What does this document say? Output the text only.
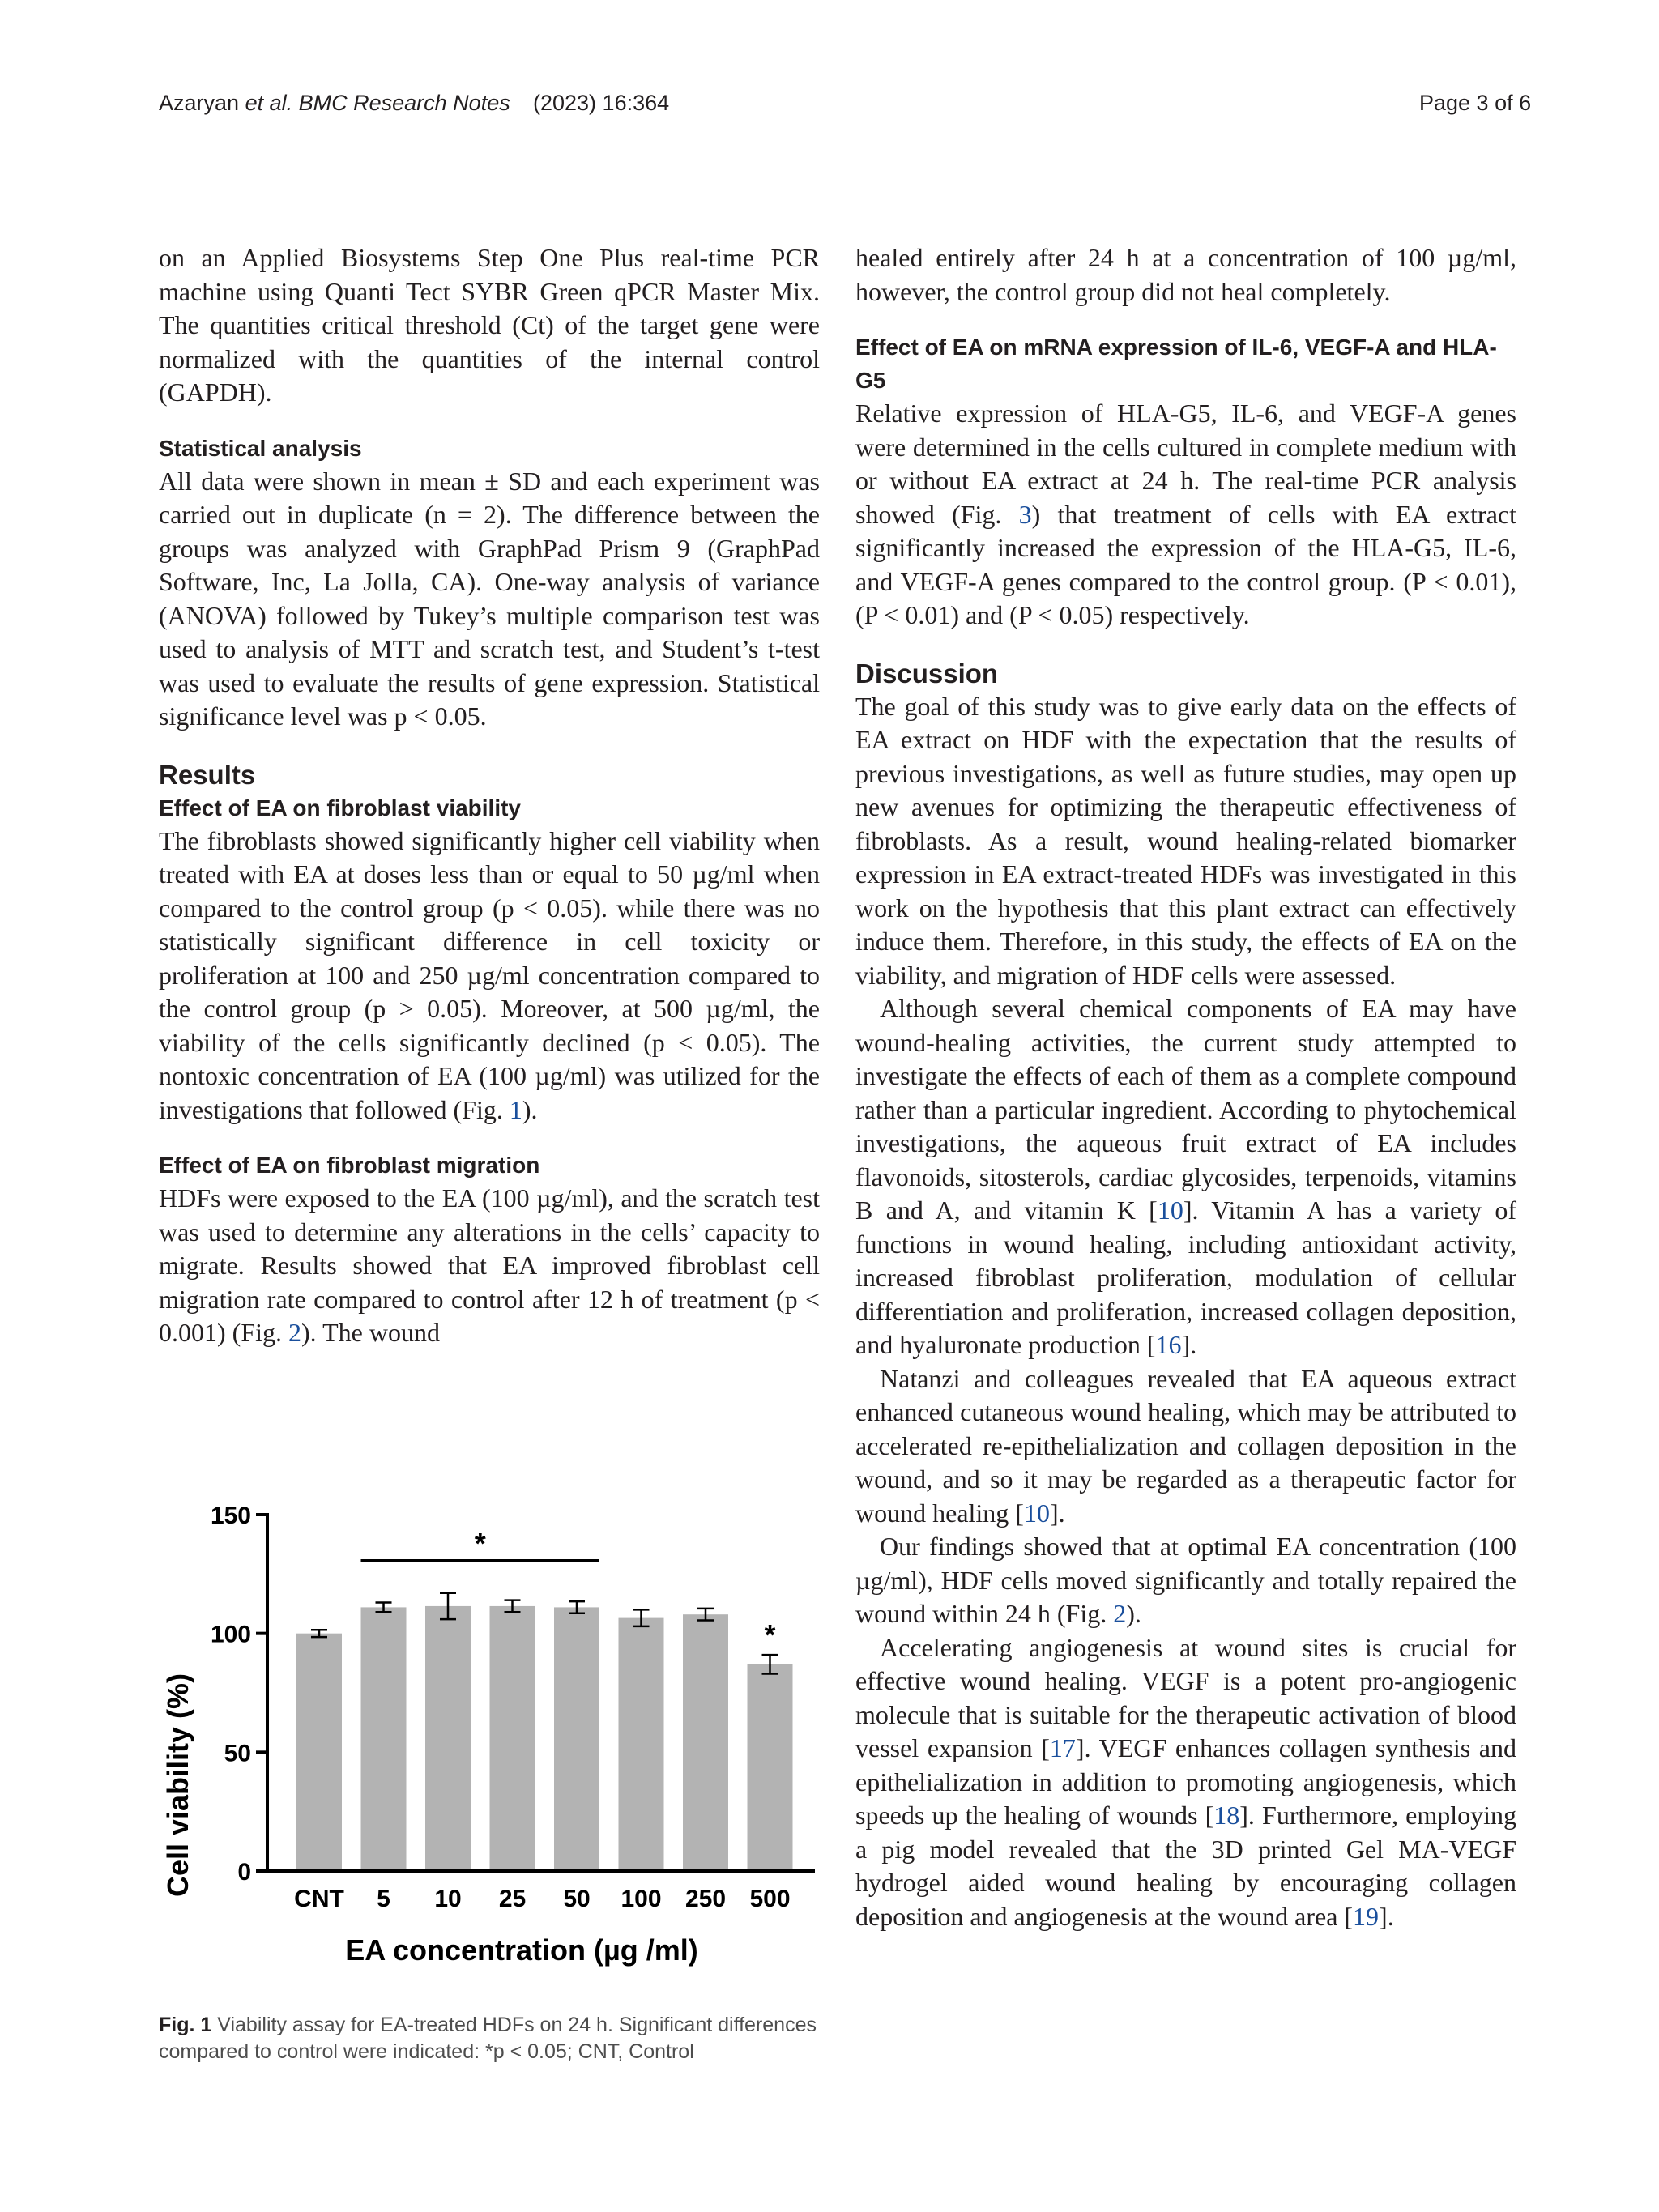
Azaryan et al. BMC Research Notes (2023) 16:364	Page 3 of 6

on an Applied Biosystems Step One Plus real-time PCR machine using Quanti Tect SYBR Green qPCR Master Mix. The quantities critical threshold (Ct) of the target gene were normalized with the quantities of the internal control (GAPDH).

Statistical analysis

All data were shown in mean ± SD and each experiment was carried out in duplicate (n = 2). The difference between the groups was analyzed with GraphPad Prism 9 (GraphPad Software, Inc, La Jolla, CA). One-way analysis of variance (ANOVA) followed by Tukey’s multiple comparison test was used to analysis of MTT and scratch test, and Student’s t-test was used to evaluate the results of gene expression. Statistical significance level was p < 0.05.

Results
Effect of EA on fibroblast viability

The fibroblasts showed significantly higher cell viability when treated with EA at doses less than or equal to 50 µg/ml when compared to the control group (p < 0.05). while there was no statistically significant difference in cell toxicity or proliferation at 100 and 250 µg/ml concentration compared to the control group (p > 0.05). Moreover, at 500 µg/ml, the viability of the cells significantly declined (p < 0.05). The nontoxic concentration of EA (100 µg/ml) was utilized for the investigations that followed (Fig. 1).

Effect of EA on fibroblast migration

HDFs were exposed to the EA (100 µg/ml), and the scratch test was used to determine any alterations in the cells’ capacity to migrate. Results showed that EA improved fibroblast cell migration rate compared to control after 12 h of treatment (p < 0.001) (Fig. 2). The wound

healed entirely after 24 h at a concentration of 100 µg/ml, however, the control group did not heal completely.

Effect of EA on mRNA expression of IL-6, VEGF-A and HLA-G5

Relative expression of HLA-G5, IL-6, and VEGF-A genes were determined in the cells cultured in complete medium with or without EA extract at 24 h. The real-time PCR analysis showed (Fig. 3) that treatment of cells with EA extract significantly increased the expression of the HLA-G5, IL-6, and VEGF-A genes compared to the control group. (P < 0.01), (P < 0.01) and (P < 0.05) respectively.

Discussion

The goal of this study was to give early data on the effects of EA extract on HDF with the expectation that the results of previous investigations, as well as future studies, may open up new avenues for optimizing the therapeutic effectiveness of fibroblasts. As a result, wound healing-related biomarker expression in EA extract-treated HDFs was investigated in this work on the hypothesis that this plant extract can effectively induce them. Therefore, in this study, the effects of EA on the viability, and migration of HDF cells were assessed.

Although several chemical components of EA may have wound-healing activities, the current study attempted to investigate the effects of each of them as a complete compound rather than a particular ingredient. According to phytochemical investigations, the aqueous fruit extract of EA includes flavonoids, sitosterols, cardiac glycosides, terpenoids, vitamins B and A, and vitamin K [10]. Vitamin A has a variety of functions in wound healing, including antioxidant activity, increased fibroblast proliferation, modulation of cellular differentiation and proliferation, increased collagen deposition, and hyaluronate production [16].

Natanzi and colleagues revealed that EA aqueous extract enhanced cutaneous wound healing, which may be attributed to accelerated re-epithelialization and collagen deposition in the wound, and so it may be regarded as a therapeutic factor for wound healing [10].

Our findings showed that at optimal EA concentration (100 µg/ml), HDF cells moved significantly and totally repaired the wound within 24 h (Fig. 2).

Accelerating angiogenesis at wound sites is crucial for effective wound healing. VEGF is a potent pro-angiogenic molecule that is suitable for the therapeutic activation of blood vessel expansion [17]. VEGF enhances collagen synthesis and epithelialization in addition to promoting angiogenesis, which speeds up the healing of wounds [18]. Furthermore, employing a pig model revealed that the 3D printed Gel MA-VEGF hydrogel aided wound healing by encouraging collagen deposition and angiogenesis at the wound area [19].

0
50
100
150
CNT 5 10 25 50 100 250 500
*
*
Cell viability (%)
EA concentration (µg /ml)
Fig. 1 Viability assay for EA-treated HDFs on 24 h. Significant differences compared to control were indicated: *p < 0.05; CNT, Control
